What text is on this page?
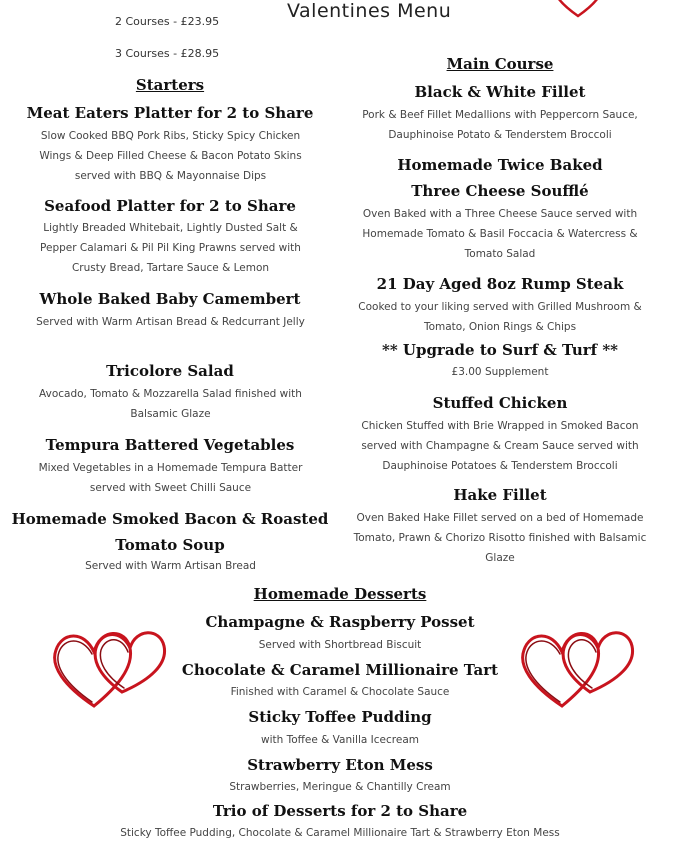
Valentines Menu
2 Courses - £23.95
3 Courses - £28.95
Starters
Meat Eaters Platter for 2 to Share
Slow Cooked BBQ Pork Ribs, Sticky Spicy Chicken Wings & Deep Filled Cheese & Bacon Potato Skins served with BBQ & Mayonnaise Dips
Seafood Platter for 2 to Share
Lightly Breaded Whitebait, Lightly Dusted Salt & Pepper Calamari & Pil Pil King Prawns served with Crusty Bread, Tartare Sauce & Lemon
Whole Baked Baby Camembert
Served with Warm Artisan Bread & Redcurrant Jelly
Tricolore Salad
Avocado, Tomato & Mozzarella Salad finished with Balsamic Glaze
Tempura Battered Vegetables
Mixed Vegetables in a Homemade Tempura Batter served with Sweet Chilli Sauce
Homemade Smoked Bacon & Roasted
Tomato Soup
Served with Warm Artisan Bread
Main Course
Black & White Fillet
Pork & Beef Fillet Medallions with Peppercorn Sauce, Dauphinoise Potato & Tenderstem Broccoli
Homemade Twice Baked
Three Cheese Soufflé
Oven Baked with a Three Cheese Sauce served with Homemade Tomato & Basil Foccacia & Watercress & Tomato Salad
21 Day Aged 8oz Rump Steak
Cooked to your liking served with Grilled Mushroom & Tomato, Onion Rings & Chips
** Upgrade to Surf & Turf **
£3.00 Supplement
Stuffed Chicken
Chicken Stuffed with Brie Wrapped in Smoked Bacon served with Champagne & Cream Sauce served with Dauphinoise Potatoes & Tenderstem Broccoli
Hake Fillet
Oven Baked Hake Fillet served on a bed of Homemade Tomato, Prawn & Chorizo Risotto finished with Balsamic Glaze
Homemade Desserts
Champagne & Raspberry Posset
Served with Shortbread Biscuit
Chocolate & Caramel Millionaire Tart
Finished with Caramel & Chocolate Sauce
Sticky Toffee Pudding
with Toffee & Vanilla Icecream
Strawberry Eton Mess
Strawberries, Meringue & Chantilly Cream
Trio of Desserts for 2 to Share
Sticky Toffee Pudding, Chocolate & Caramel Millionaire Tart & Strawberry Eton Mess
